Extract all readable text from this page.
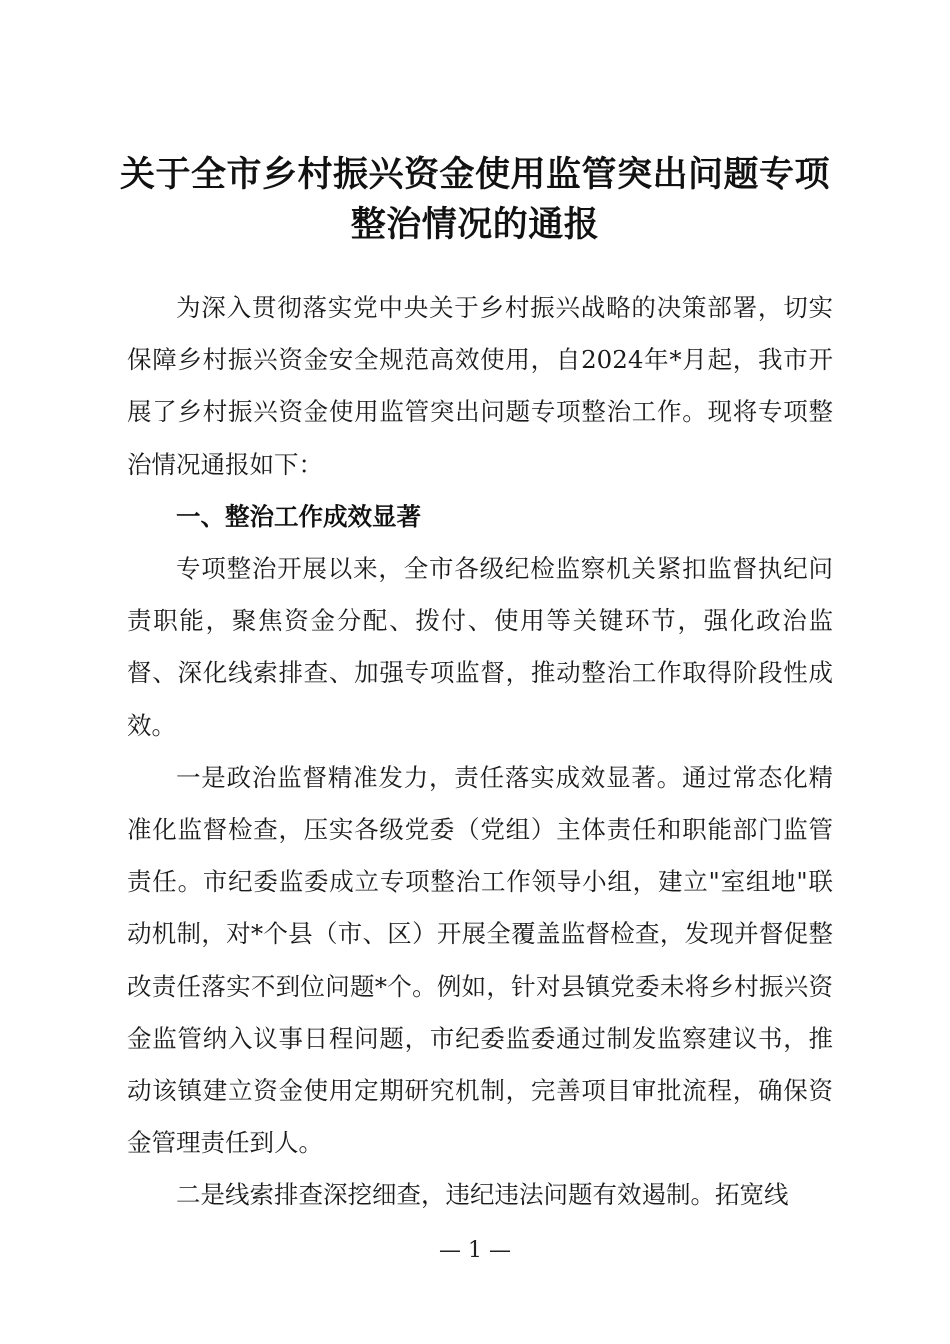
关于全市乡村振兴资金使用监管突出问题专项
整治情况的通报

为深入贯彻落实党中央关于乡村振兴战略的决策部署，切实保障乡村振兴资金安全规范高效使用，自2024年*月起，我市开展了乡村振兴资金使用监管突出问题专项整治工作。现将专项整治情况通报如下：

一、整治工作成效显著

专项整治开展以来，全市各级纪检监察机关紧扣监督执纪问责职能，聚焦资金分配、拨付、使用等关键环节，强化政治监督、深化线索排查、加强专项监督，推动整治工作取得阶段性成效。

一是政治监督精准发力，责任落实成效显著。通过常态化精准化监督检查，压实各级党委（党组）主体责任和职能部门监管责任。市纪委监委成立专项整治工作领导小组，建立"室组地"联动机制，对*个县（市、区）开展全覆盖监督检查，发现并督促整改责任落实不到位问题*个。例如，针对县镇党委未将乡村振兴资金监管纳入议事日程问题，市纪委监委通过制发监察建议书，推动该镇建立资金使用定期研究机制，完善项目审批流程，确保资金管理责任到人。

二是线索排查深挖细查，违纪违法问题有效遏制。拓宽线

— 1 —
